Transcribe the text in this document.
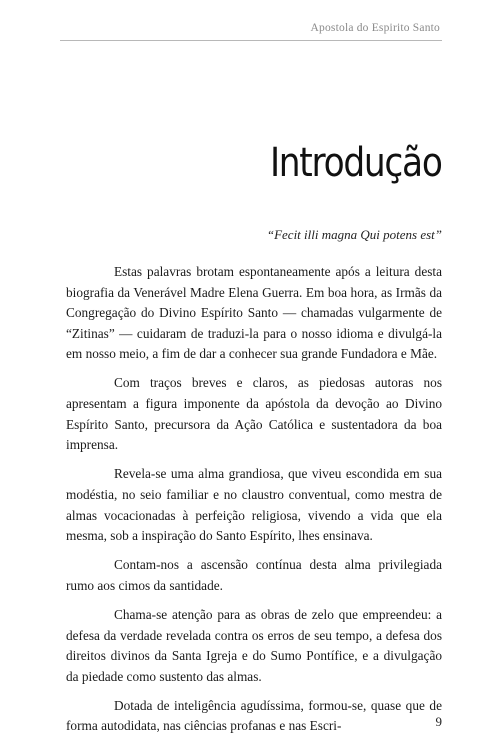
Apostola do Espirito Santo
Introdução
“Fecit illi magna Qui potens est”

Estas palavras brotam espontaneamente após a leitura desta biografia da Venerável Madre Elena Guerra. Em boa hora, as Irmãs da Congregação do Divino Espírito Santo — chamadas vulgarmente de “Zitinas” — cuidaram de traduzi-la para o nosso idioma e divulgá-la em nosso meio, a fim de dar a conhecer sua grande Fundadora e Mãe.

Com traços breves e claros, as piedosas autoras nos apresentam a figura imponente da apóstola da devoção ao Divino Espírito Santo, precursora da Ação Católica e sustentadora da boa imprensa.

Revela-se uma alma grandiosa, que viveu escondida em sua modéstia, no seio familiar e no claustro conventual, como mestra de almas vocacionadas à perfeição religiosa, vivendo a vida que ela mesma, sob a inspiração do Santo Espírito, lhes ensinava.

Contam-nos a ascensão contínua desta alma privilegiada rumo aos cimos da santidade.

Chama-se atenção para as obras de zelo que empreendeu: a defesa da verdade revelada contra os erros de seu tempo, a defesa dos direitos divinos da Santa Igreja e do Sumo Pontífice, e a divulgação da piedade como sustento das almas.

Dotada de inteligência agudíssima, formou-se, quase que de forma autodidata, nas ciências profanas e nas Escri-	9
